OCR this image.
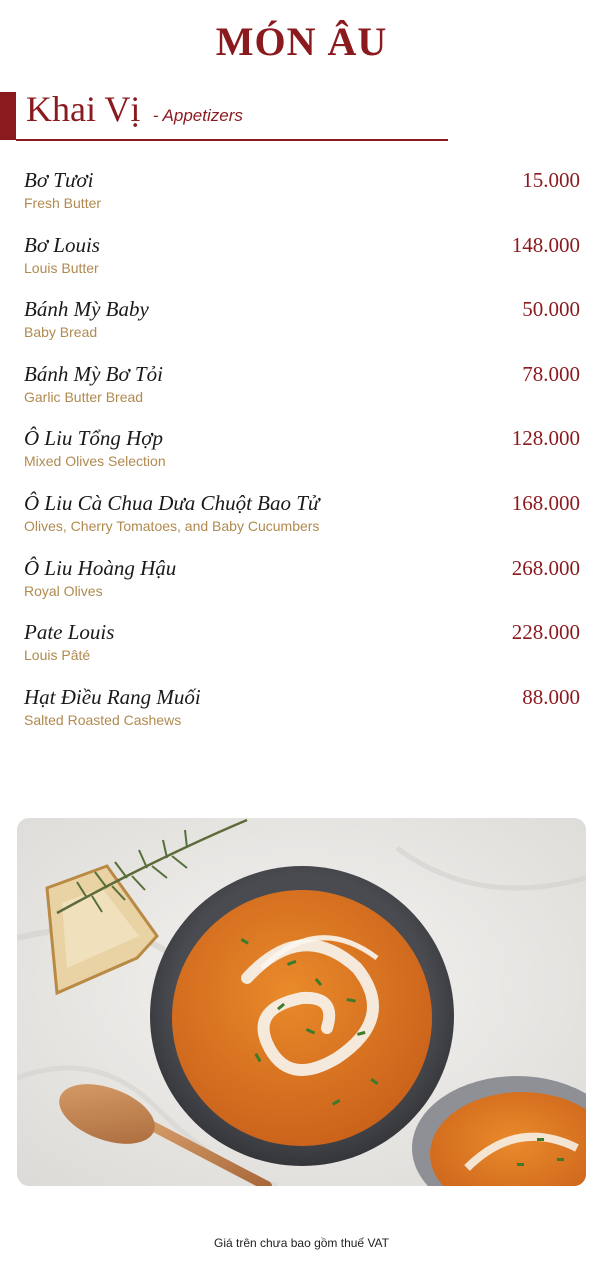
MÓN ÂU
Khai Vị - Appetizers
Bơ Tươi
Fresh Butter
15.000
Bơ Louis
Louis Butter
148.000
Bánh Mỳ Baby
Baby Bread
50.000
Bánh Mỳ Bơ Tỏi
Garlic Butter Bread
78.000
Ô Liu Tổng Hợp
Mixed Olives Selection
128.000
Ô Liu Cà Chua Dưa Chuột Bao Tử
Olives, Cherry Tomatoes, and Baby Cucumbers
168.000
Ô Liu Hoàng Hậu
Royal Olives
268.000
Pate Louis
Louis Pâté
228.000
Hạt Điều Rang Muối
Salted Roasted Cashews
88.000
Giá trên chưa bao gồm thuế VAT
